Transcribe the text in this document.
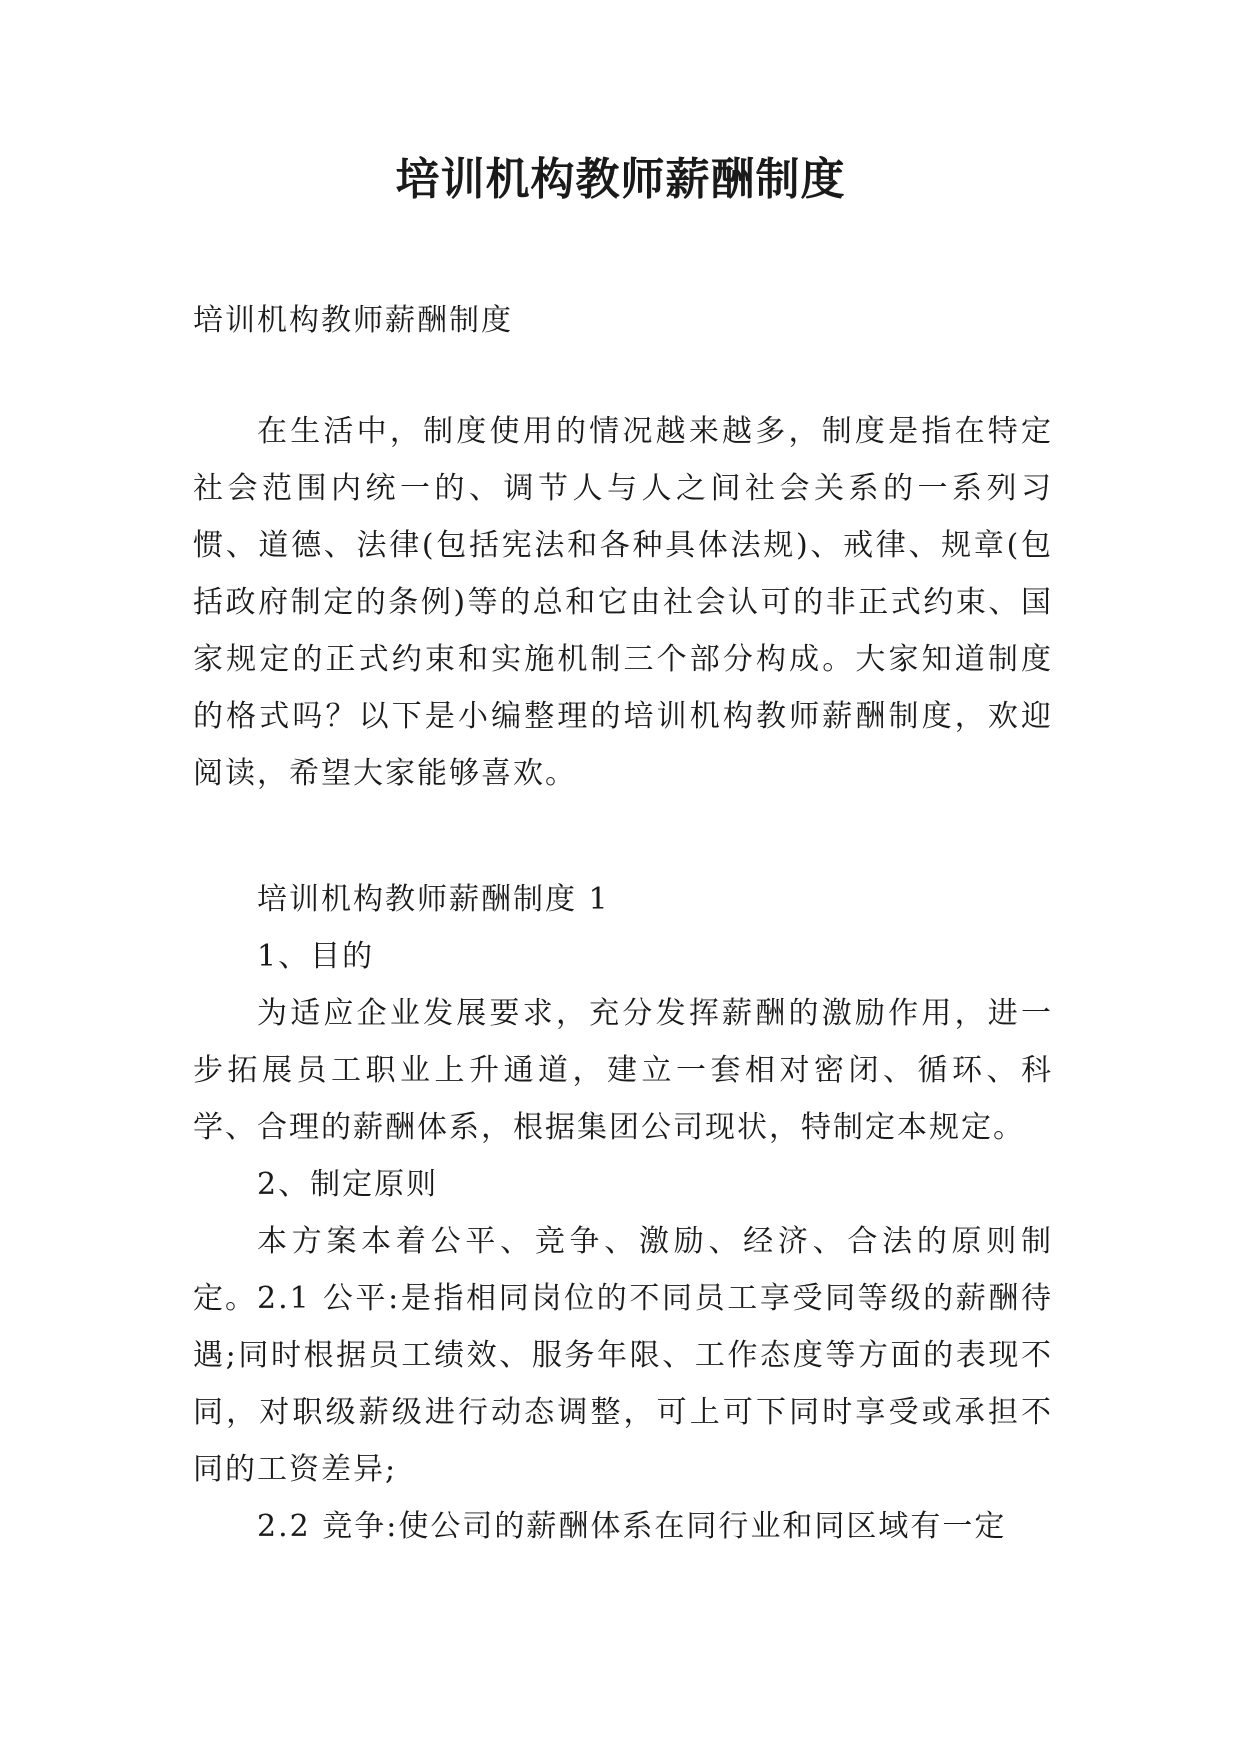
培训机构教师薪酬制度

培训机构教师薪酬制度

在生活中，制度使用的情况越来越多，制度是指在特定社会范围内统一的、调节人与人之间社会关系的一系列习惯、道德、法律(包括宪法和各种具体法规)、戒律、规章(包括政府制定的条例)等的总和它由社会认可的非正式约束、国家规定的正式约束和实施机制三个部分构成。大家知道制度的格式吗？以下是小编整理的培训机构教师薪酬制度，欢迎阅读，希望大家能够喜欢。

培训机构教师薪酬制度 1

1、目的

为适应企业发展要求，充分发挥薪酬的激励作用，进一步拓展员工职业上升通道，建立一套相对密闭、循环、科学、合理的薪酬体系，根据集团公司现状，特制定本规定。

2、制定原则

本方案本着公平、竞争、激励、经济、合法的原则制定。 2.1 公平:是指相同岗位的不同员工享受同等级的薪酬待遇;同时根据员工绩效、服务年限、工作态度等方面的表现不同，对职级薪级进行动态调整，可上可下同时享受或承担不同的工资差异;

2.2 竞争:使公司的薪酬体系在同行业和同区域有一定
